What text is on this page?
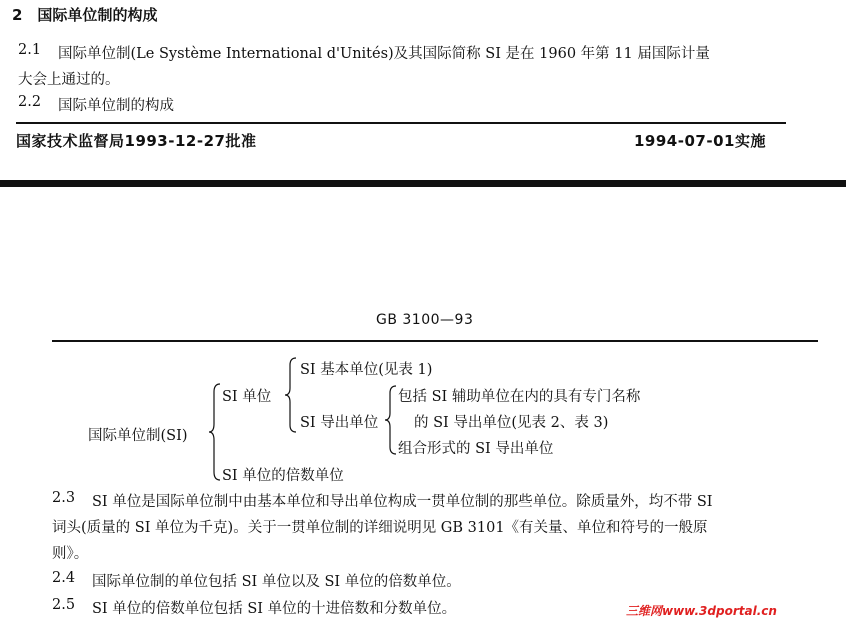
2　国际单位制的构成
2.1 国际单位制(Le Système International d'Unités)及其国际简称 SI 是在 1960 年第 11 届国际计量
大会上通过的。
2.2 国际单位制的构成
国家技术监督局1993-12-27批准	1994-07-01实施
GB 3100—93
国际单位制(SI)
SI 单位
SI 基本单位(见表 1)
SI 导出单位
包括 SI 辅助单位在内的具有专门名称
的 SI 导出单位(见表 2、表 3)
组合形式的 SI 导出单位
SI 单位的倍数单位
2.3 SI 单位是国际单位制中由基本单位和导出单位构成一贯单位制的那些单位。除质量外，均不带 SI
词头(质量的 SI 单位为千克)。关于一贯单位制的详细说明见 GB 3101《有关量、单位和符号的一般原
则》。
2.4 国际单位制的单位包括 SI 单位以及 SI 单位的倍数单位。
2.5 SI 单位的倍数单位包括 SI 单位的十进倍数和分数单位。	三维网www.3dportal.cn
